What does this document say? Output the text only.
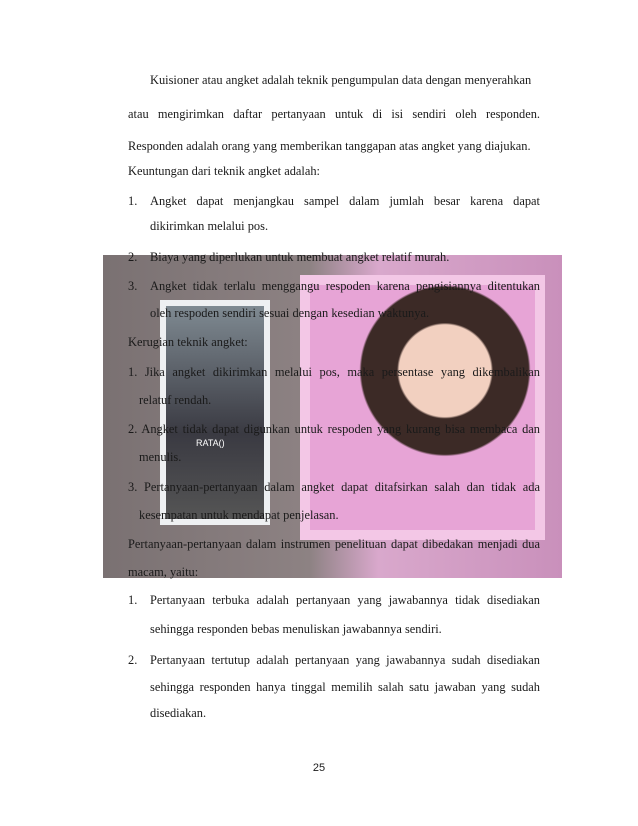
RATA()
Kuisioner atau angket adalah teknik pengumpulan data dengan menyerahkan
atau mengirimkan daftar pertanyaan untuk di isi sendiri oleh responden.
Responden adalah orang yang memberikan tanggapan atas angket yang diajukan.
Keuntungan dari teknik angket adalah:
1. Angket dapat menjangkau sampel dalam jumlah besar karena dapat
dikirimkan melalui pos.
2. Biaya yang diperlukan untuk membuat angket relatif murah.
3. Angket tidak terlalu menggangu respoden karena pengisiannya ditentukan
oleh respoden sendiri sesuai dengan kesedian waktunya.
Kerugian teknik angket:
1. Jika angket dikirimkan melalui pos, maka persentase yang dikembalikan
relatuf rendah.
2. Angket tidak dapat digunkan untuk respoden yang kurang bisa membaca dan
menulis.
3. Pertanyaan-pertanyaan dalam angket dapat ditafsirkan salah dan tidak ada
kesempatan untuk mendapat penjelasan.
Pertanyaan-pertanyaan dalam instrumen penelituan dapat dibedakan menjadi dua
macam, yaitu:
1. Pertanyaan terbuka adalah pertanyaan yang jawabannya tidak disediakan
sehingga responden bebas menuliskan jawabannya sendiri.
2. Pertanyaan tertutup adalah pertanyaan yang jawabannya sudah disediakan
sehingga responden hanya tinggal memilih salah satu jawaban yang sudah
disediakan.
25
